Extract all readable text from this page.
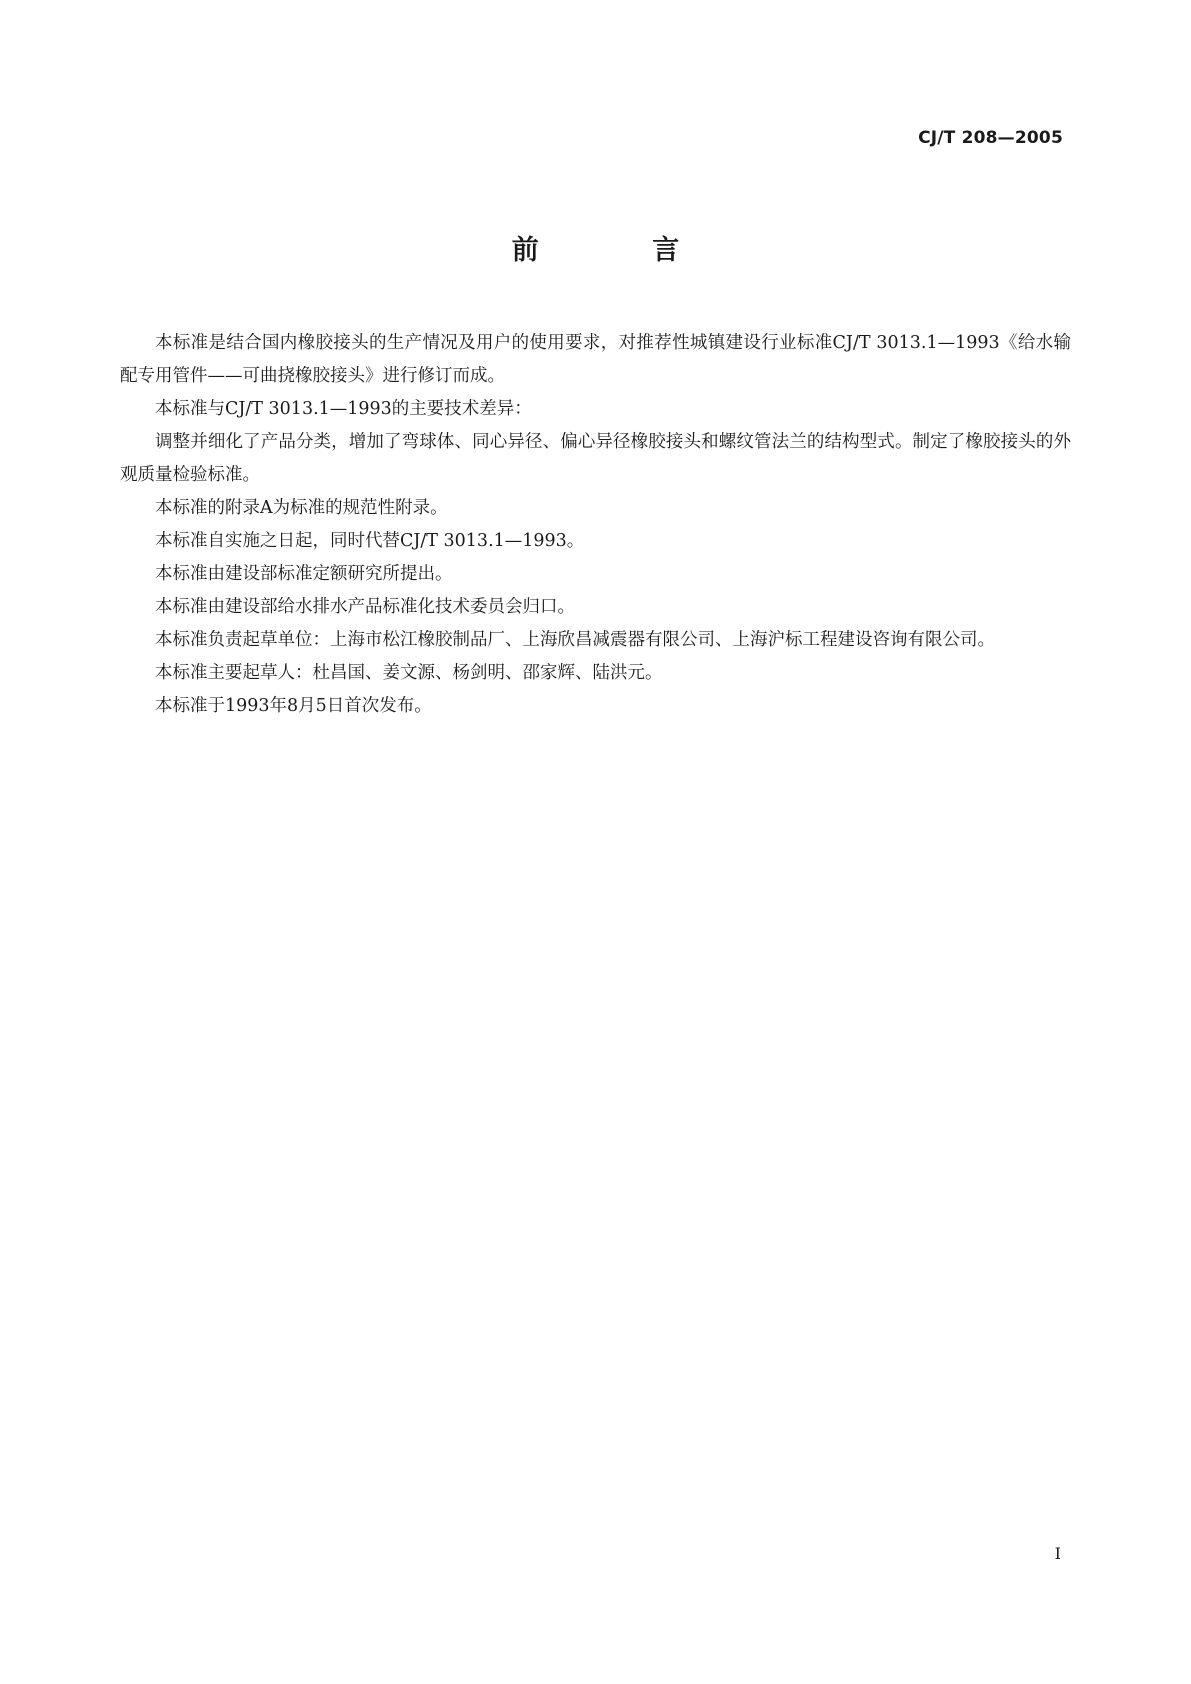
CJ/T 208—2005
前 言

本标准是结合国内橡胶接头的生产情况及用户的使用要求，对推荐性城镇建设行业标准CJ/T 3013.1—1993《给水输配专用管件——可曲挠橡胶接头》进行修订而成。

本标准与CJ/T 3013.1—1993的主要技术差异：

调整并细化了产品分类，增加了弯球体、同心异径、偏心异径橡胶接头和螺纹管法兰的结构型式。制定了橡胶接头的外观质量检验标准。

本标准的附录A为标准的规范性附录。

本标准自实施之日起，同时代替CJ/T 3013.1—1993。

本标准由建设部标准定额研究所提出。

本标准由建设部给水排水产品标准化技术委员会归口。

本标准负责起草单位：上海市松江橡胶制品厂、上海欣昌减震器有限公司、上海沪标工程建设咨询有限公司。

本标准主要起草人：杜昌国、姜文源、杨剑明、邵家辉、陆洪元。

本标准于1993年8月5日首次发布。

I
